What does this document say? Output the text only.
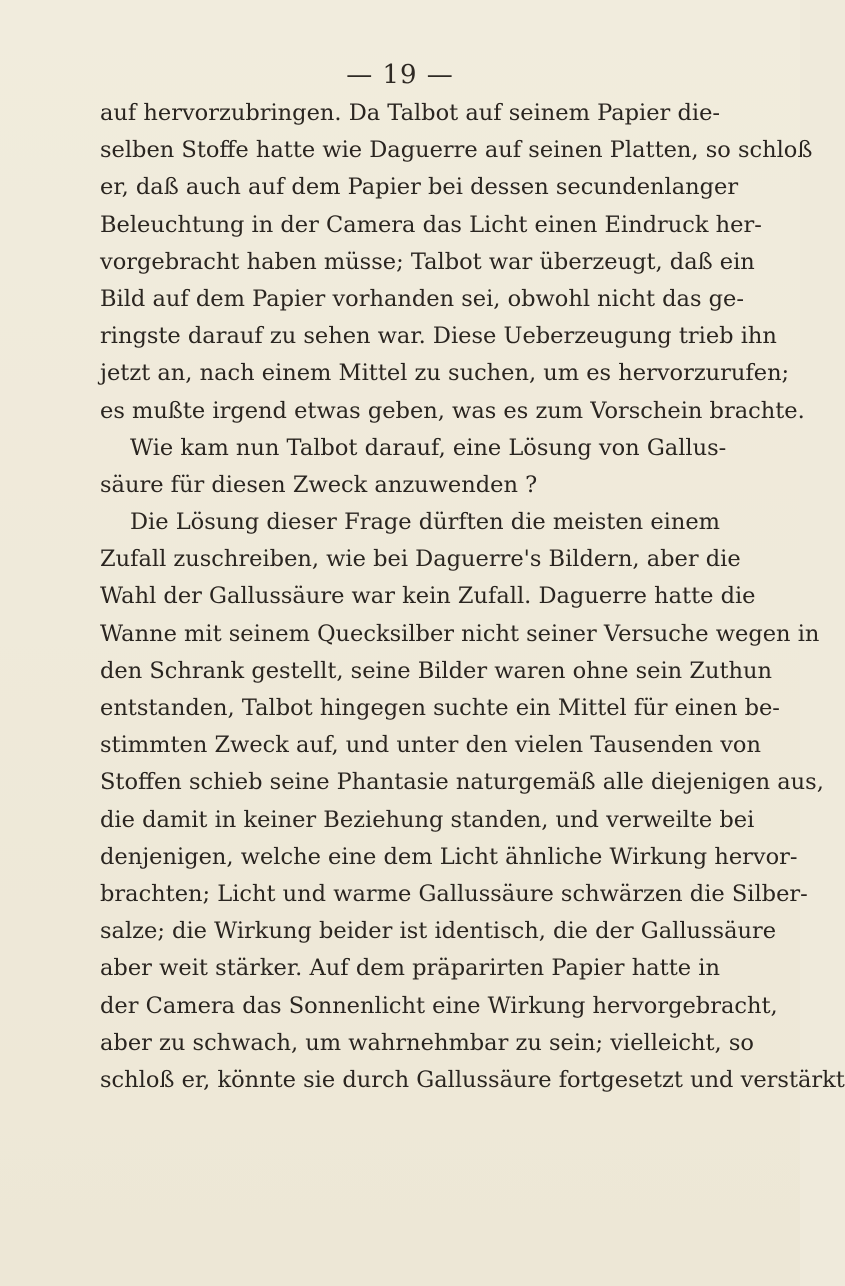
— 19 —
auf hervorzubringen. Da Talbot auf seinem Papier die-
selben Stoffe hatte wie Daguerre auf seinen Platten, so schloß
er, daß auch auf dem Papier bei dessen secundenlanger
Beleuchtung in der Camera das Licht einen Eindruck her-
vorgebracht haben müsse; Talbot war überzeugt, daß ein
Bild auf dem Papier vorhanden sei, obwohl nicht das ge-
ringste darauf zu sehen war. Diese Ueberzeugung trieb ihn
jetzt an, nach einem Mittel zu suchen, um es hervorzurufen;
es mußte irgend etwas geben, was es zum Vorschein brachte.
Wie kam nun Talbot darauf, eine Lösung von Gallus-
säure für diesen Zweck anzuwenden ?
Die Lösung dieser Frage dürften die meisten einem
Zufall zuschreiben, wie bei Daguerre's Bildern, aber die
Wahl der Gallussäure war kein Zufall. Daguerre hatte die
Wanne mit seinem Quecksilber nicht seiner Versuche wegen in
den Schrank gestellt, seine Bilder waren ohne sein Zuthun
entstanden, Talbot hingegen suchte ein Mittel für einen be-
stimmten Zweck auf, und unter den vielen Tausenden von
Stoffen schieb seine Phantasie naturgemäß alle diejenigen aus,
die damit in keiner Beziehung standen, und verweilte bei
denjenigen, welche eine dem Licht ähnliche Wirkung hervor-
brachten; Licht und warme Gallussäure schwärzen die Silber-
salze; die Wirkung beider ist identisch, die der Gallussäure
aber weit stärker. Auf dem präparirten Papier hatte in
der Camera das Sonnenlicht eine Wirkung hervorgebracht,
aber zu schwach, um wahrnehmbar zu sein; vielleicht, so
schloß er, könnte sie durch Gallussäure fortgesetzt und verstärkt
